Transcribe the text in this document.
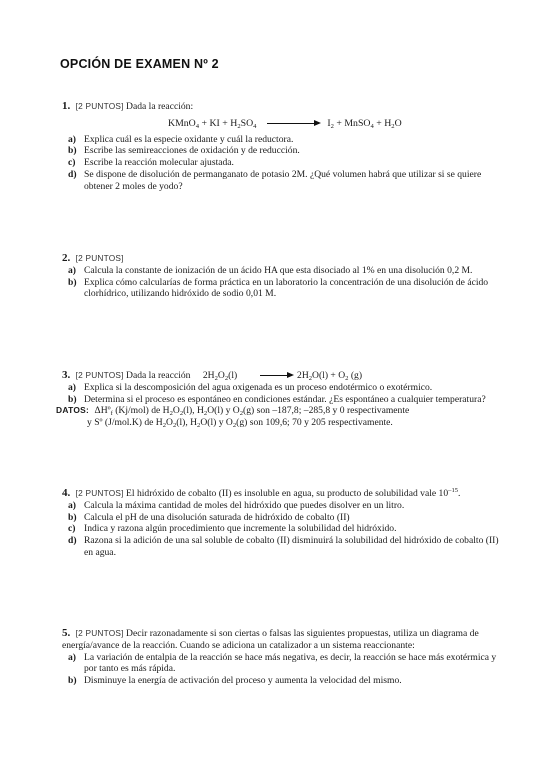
OPCIÓN DE EXAMEN Nº 2
1. [2 PUNTOS] Dada la reacción:
KMnO$_4$ + KI + $H_2SO_4$	$I_2$ + MnSO$_4$ + $H_2O$
a) Explica cuál es la especie oxidante y cuál la reductora.
b) Escribe las semireacciones de oxidación y de reducción.
c) Escribe la reacción molecular ajustada.
d) Se dispone de disolución de permanganato de potasio 2M. ¿Qué volumen habrá que utilizar si se quiere obtener 2 moles de yodo?
2. [2 PUNTOS]
a) Calcula la constante de ionización de un ácido HA que esta disociado al 1% en una disolución 0,2 M.
b) Explica cómo calcularías de forma práctica en un laboratorio la concentración de una disolución de ácido clorhídrico, utilizando hidróxido de sodio 0,01 M.
3. [2 PUNTOS] Dada la reacción $2H_2O_2(l) \to 2H_2O(l) + O_2$ (g)
a) Explica si la descomposición del agua oxigenada es un proceso endotérmico o exotérmico.
b) Determina si el proceso es espontáneo en condiciones estándar. ¿Es espontáneo a cualquier temperatura?
DATOS: ΔHº$_f$ (Kj/mol) de $H_2O_2(l)$, $H_2O(l)$ y $O_2(g)$ son –187,8; –285,8 y 0 respectivamente
y Sº (J/mol.K) de $H_2O_2(l)$, $H_2O(l)$ y $O_2(g)$ son 109,6; 70 y 205 respectivamente.
4. [2 PUNTOS] El hidróxido de cobalto (II) es insoluble en agua, su producto de solubilidad vale $10^{-15}$.
a) Calcula la máxima cantidad de moles del hidróxido que puedes disolver en un litro.
b) Calcula el pH de una disolución saturada de hidróxido de cobalto (II)
c) Indica y razona algún procedimiento que incremente la solubilidad del hidróxido.
d) Razona si la adición de una sal soluble de cobalto (II) disminuirá la solubilidad del hidróxido de cobalto (II) en agua.
5. [2 PUNTOS] Decir razonadamente si son ciertas o falsas las siguientes propuestas, utiliza un diagrama de energía/avance de la reacción. Cuando se adiciona un catalizador a un sistema reaccionante:
a) La variación de entalpia de la reacción se hace más negativa, es decir, la reacción se hace más exotérmica y por tanto es más rápida.
b) Disminuye la energía de activación del proceso y aumenta la velocidad del mismo.
